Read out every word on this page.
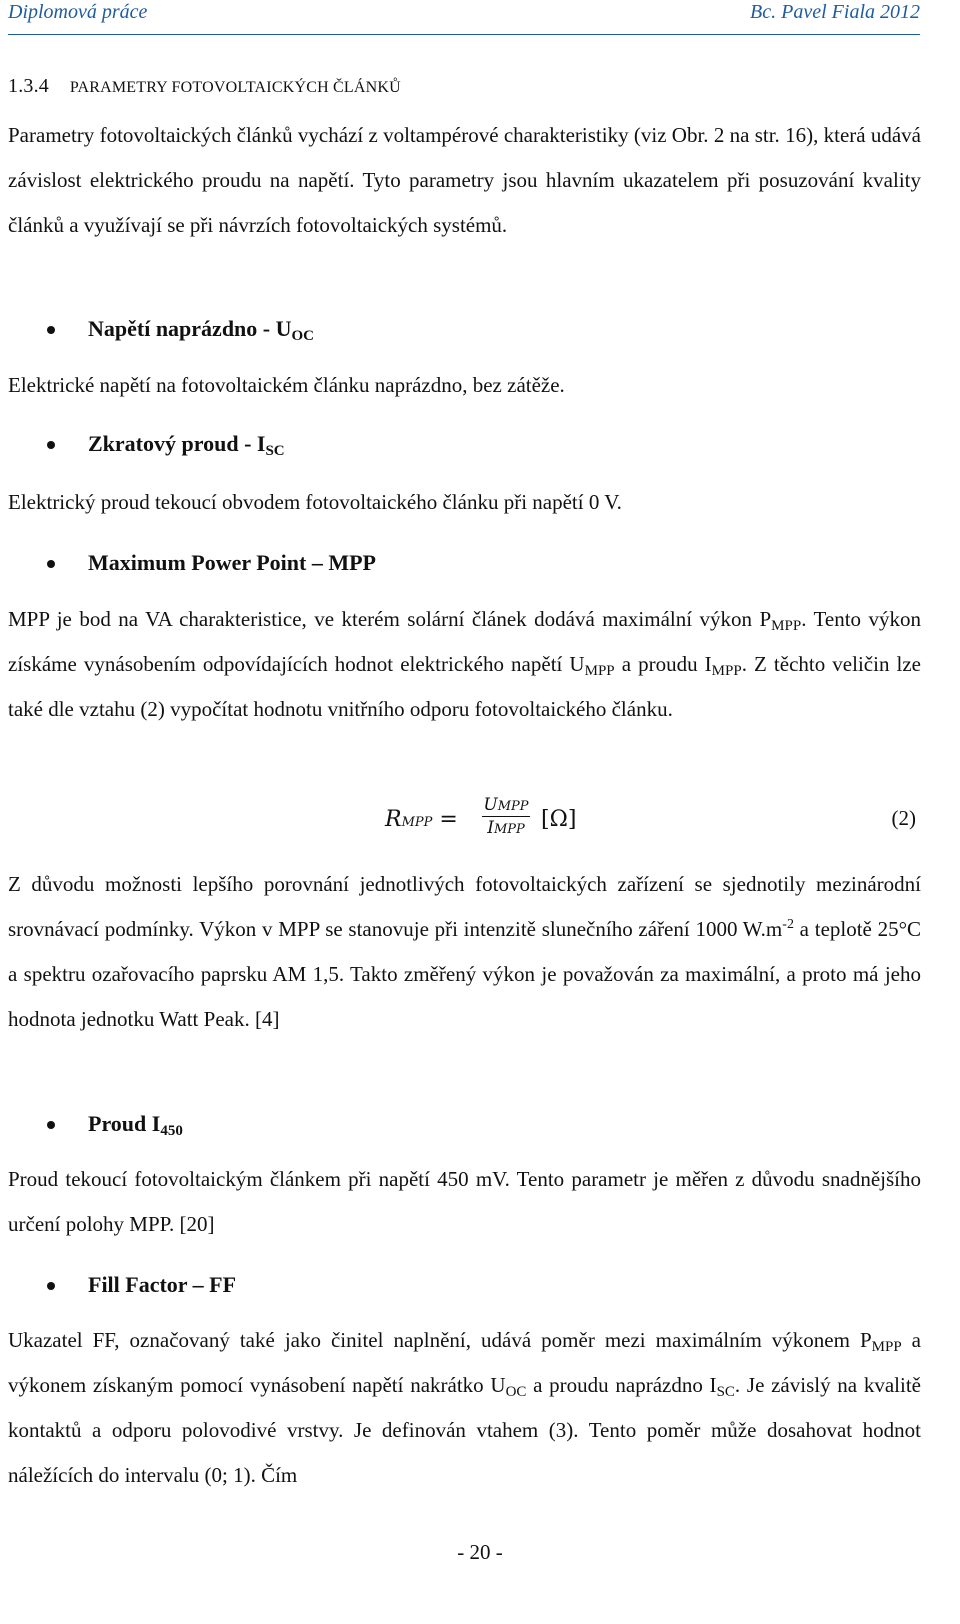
Diplomová práce	Bc. Pavel Fiala 2012
1.3.4 PARAMETRY FOTOVOLTAICKÝCH ČLÁNKŮ
Parametry fotovoltaických článků vychází z voltampérové charakteristiky (viz Obr. 2 na str. 16), která udává závislost elektrického proudu na napětí. Tyto parametry jsou hlavním ukazatelem při posuzování kvality článků a využívají se při návrzích fotovoltaických systémů.
Napětí naprázdno - $U_{OC}$
Elektrické napětí na fotovoltaickém článku naprázdno, bez zátěže.
Zkratový proud - $I_{SC}$
Elektrický proud tekoucí obvodem fotovoltaického článku při napětí 0 V.
Maximum Power Point – MPP
MPP je bod na VA charakteristice, ve kterém solární článek dodává maximální výkon $P_{MPP}$. Tento výkon získáme vynásobením odpovídajících hodnot elektrického napětí $U_{MPP}$ a proudu $I_{MPP}$. Z těchto veličin lze také dle vztahu (2) vypočítat hodnotu vnitřního odporu fotovoltaického článku.
RMPP =
UMPP
IMPP [Ω]	(2)
Z důvodu možnosti lepšího porovnání jednotlivých fotovoltaických zařízení se sjednotily mezinárodní srovnávací podmínky. Výkon v MPP se stanovuje při intenzitě slunečního záření 1000 $W.m^{-2}$ a teplotě 25°C a spektru ozařovacího paprsku AM 1,5. Takto změřený výkon je považován za maximální, a proto má jeho hodnota jednotku Watt Peak. [4]
Proud $I_{450}$
Proud tekoucí fotovoltaickým článkem při napětí 450 mV. Tento parametr je měřen z důvodu snadnějšího určení polohy MPP. [20]
Fill Factor – FF
Ukazatel FF, označovaný také jako činitel naplnění, udává poměr mezi maximálním výkonem $P_{MPP}$ a výkonem získaným pomocí vynásobení napětí nakrátko $U_{OC}$ a proudu naprázdno $I_{SC}$. Je závislý na kvalitě kontaktů a odporu polovodivé vrstvy. Je definován vtahem (3). Tento poměr může dosahovat hodnot náležících do intervalu (0; 1). Čím
- 20 -
